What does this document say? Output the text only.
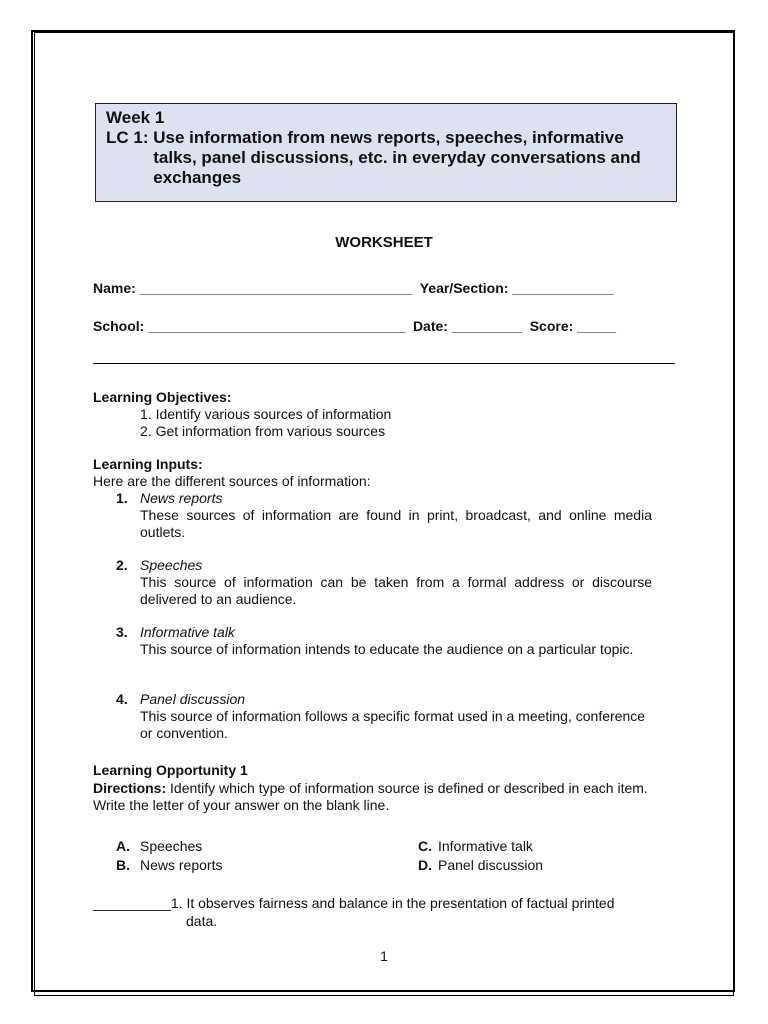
Week 1
LC 1: Use information from news reports, speeches, informative talks, panel discussions, etc. in everyday conversations and exchanges
WORKSHEET
Name: ___________________________________  Year/Section: _____________
School: _________________________________  Date: _________  Score: _____
Learning Objectives:
1. Identify various sources of information
2. Get information from various sources
Learning Inputs:
Here are the different sources of information:
1. News reports
These sources of information are found in print, broadcast, and online media outlets.
2. Speeches
This source of information can be taken from a formal address or discourse delivered to an audience.
3. Informative talk
This source of information intends to educate the audience on a particular topic.
4. Panel discussion
This source of information follows a specific format used in a meeting, conference or convention.
Learning Opportunity 1
Directions: Identify which type of information source is defined or described in each item. Write the letter of your answer on the blank line.
A. Speeches
B. News reports
C. Informative talk
D. Panel discussion
__________1. It observes fairness and balance in the presentation of factual printed
data.
1
